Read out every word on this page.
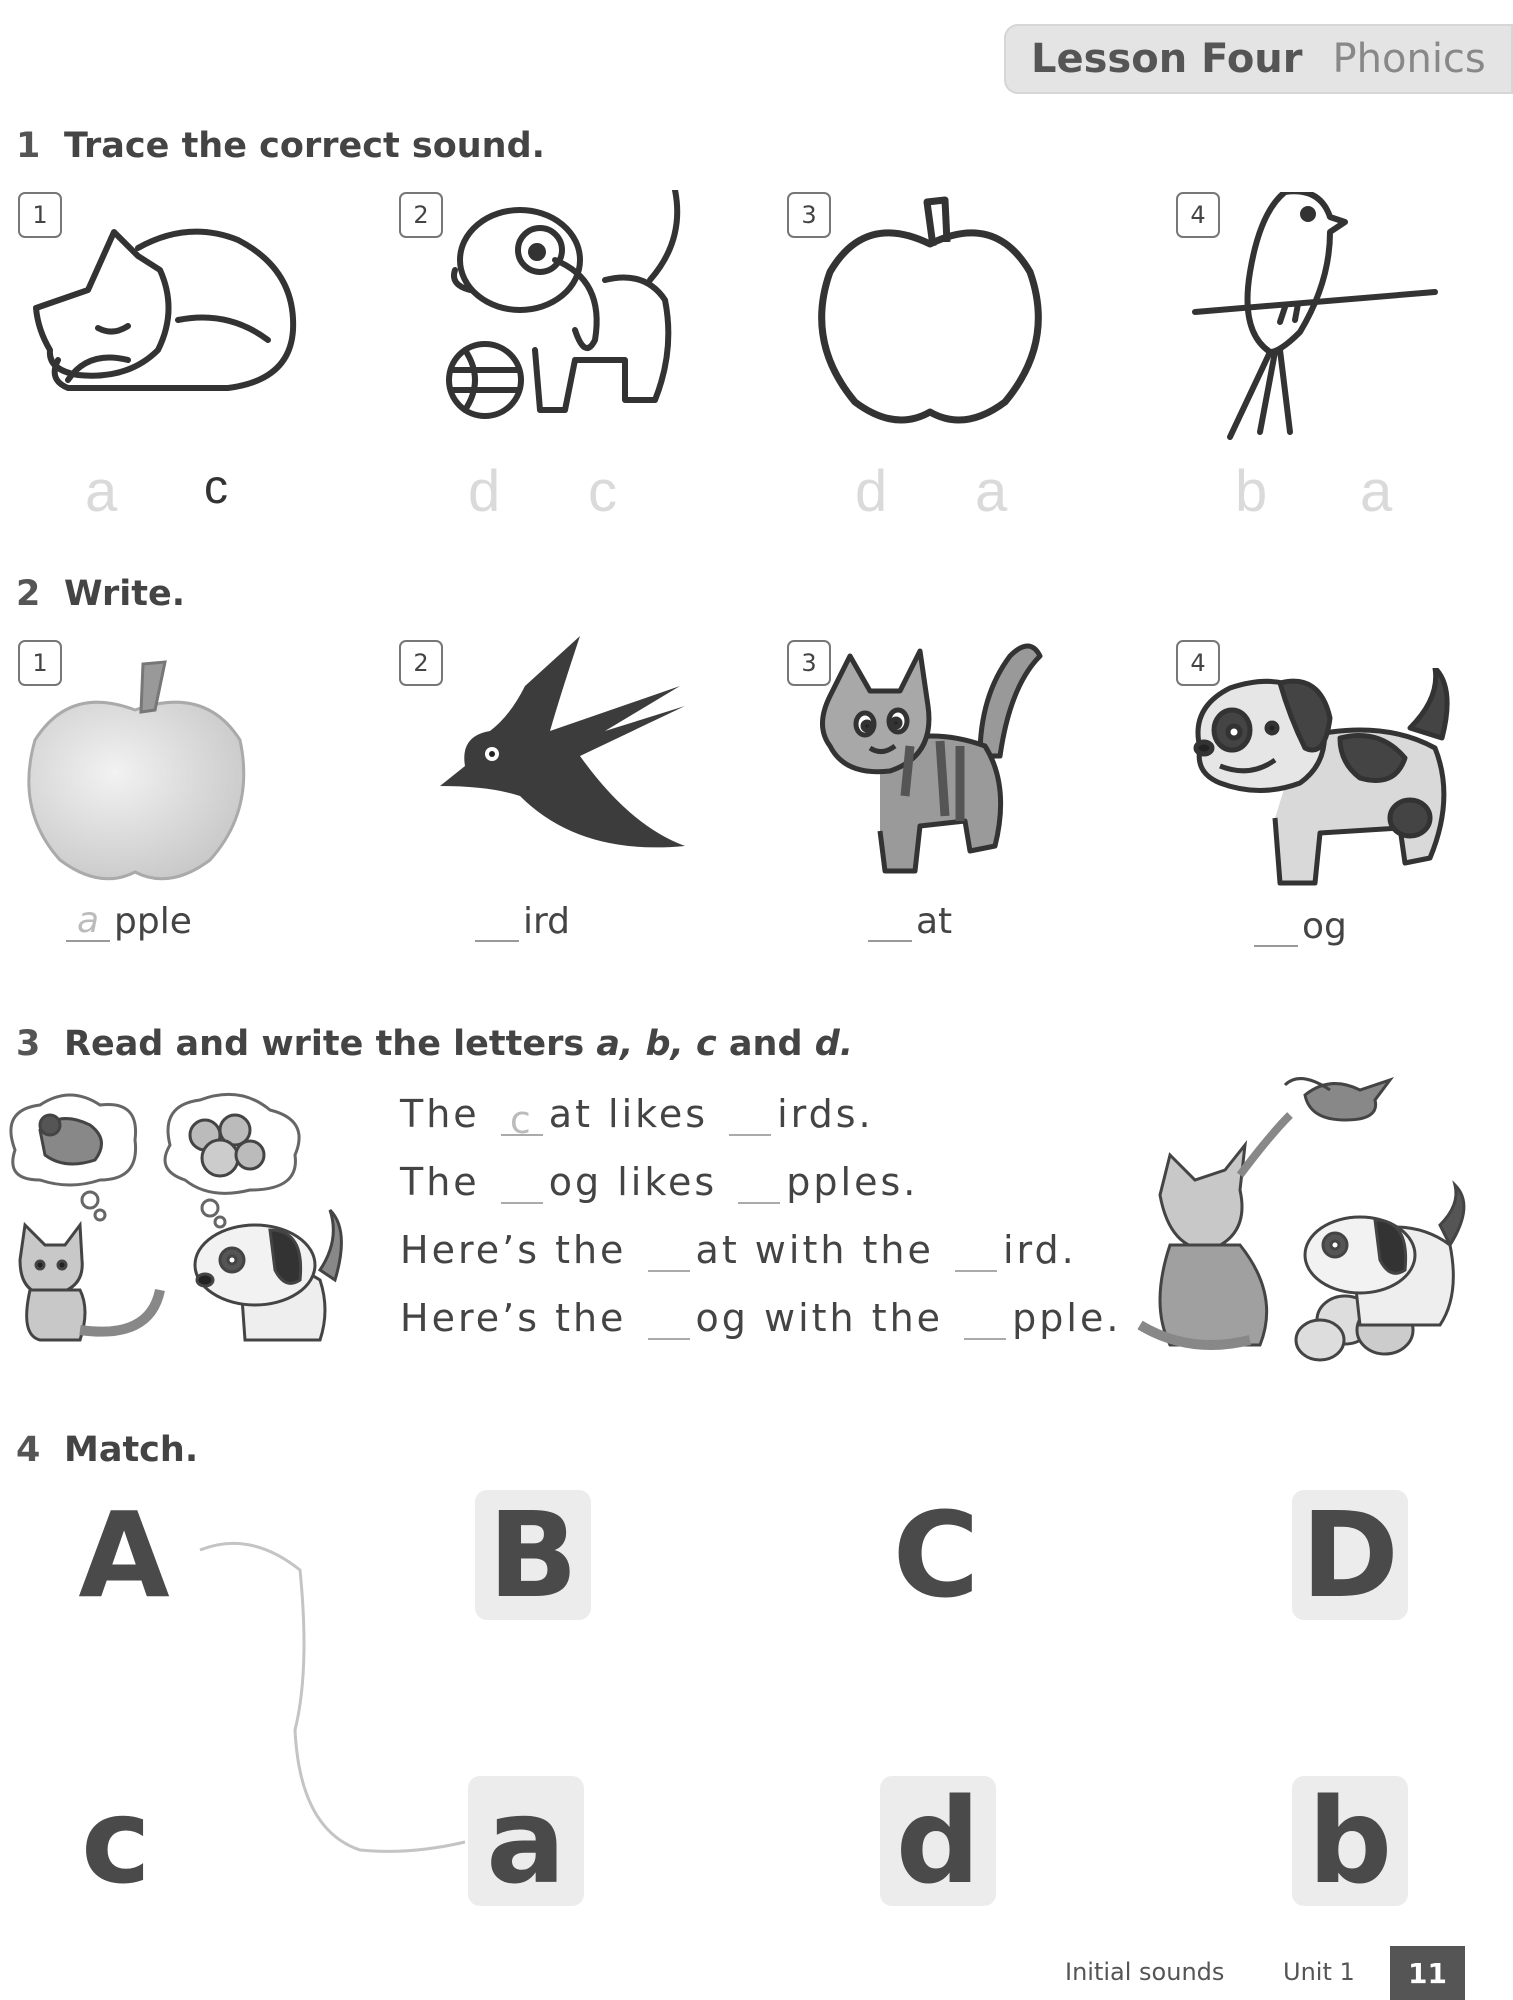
Lesson Four Phonics
1 Trace the correct sound.
1	2	3	4
a c	d c	d a	b a
2 Write.
1	2	3	4
a pple	ird	at	og
3 Read and write the letters a, b, c and d.
The c at likes irds.
The og likes pples.
Here’s the at with the ird.
Here’s the og with the pple.
4 Match.
A	B	C	D
c	a	d	b
Initial sounds Unit 1	11
